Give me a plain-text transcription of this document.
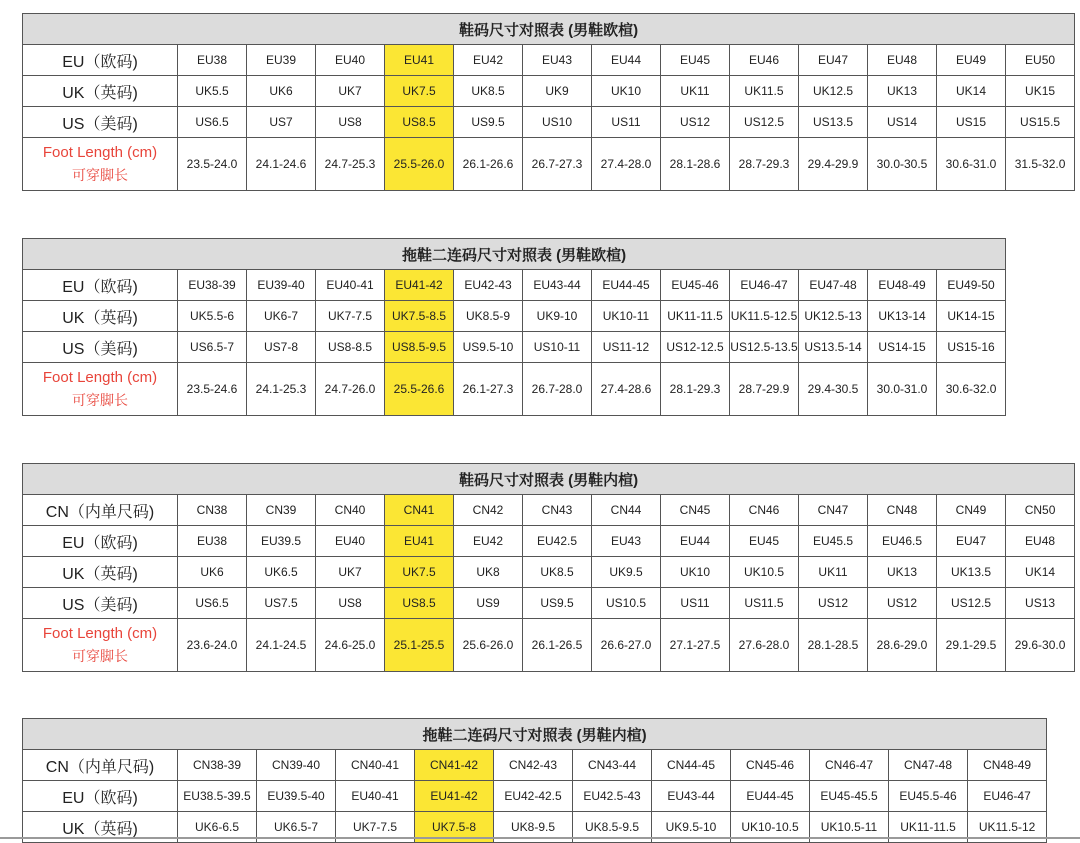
鞋码尺寸对照表 (男鞋欧楦)													
EU（欧码)	EU38	EU39	EU40	EU41	EU42	EU43	EU44	EU45	EU46	EU47	EU48	EU49	EU50
UK（英码)	UK5.5	UK6	UK7	UK7.5	UK8.5	UK9	UK10	UK11	UK11.5	UK12.5	UK13	UK14	UK15
US（美码)	US6.5	US7	US8	US8.5	US9.5	US10	US11	US12	US12.5	US13.5	US14	US15	US15.5

Foot Length (cm)
可穿脚长	23.5-24.0	24.1-24.6	24.7-25.3	25.5-26.0	26.1-26.6	26.7-27.3	27.4-28.0	28.1-28.6	28.7-29.3	29.4-29.9	30.0-30.5	30.6-31.0	31.5-32.0
拖鞋二连码尺寸对照表 (男鞋欧楦)												
EU（欧码)	EU38-39	EU39-40	EU40-41	EU41-42	EU42-43	EU43-44	EU44-45	EU45-46	EU46-47	EU47-48	EU48-49	EU49-50
UK（英码)	UK5.5-6	UK6-7	UK7-7.5	UK7.5-8.5	UK8.5-9	UK9-10	UK10-11	UK11-11.5	UK11.5-12.5	UK12.5-13	UK13-14	UK14-15
US（美码)	US6.5-7	US7-8	US8-8.5	US8.5-9.5	US9.5-10	US10-11	US11-12	US12-12.5	US12.5-13.5	US13.5-14	US14-15	US15-16

Foot Length (cm)
可穿脚长	23.5-24.6	24.1-25.3	24.7-26.0	25.5-26.6	26.1-27.3	26.7-28.0	27.4-28.6	28.1-29.3	28.7-29.9	29.4-30.5	30.0-31.0	30.6-32.0
鞋码尺寸对照表 (男鞋内楦)													
CN（内单尺码)	CN38	CN39	CN40	CN41	CN42	CN43	CN44	CN45	CN46	CN47	CN48	CN49	CN50
EU（欧码)	EU38	EU39.5	EU40	EU41	EU42	EU42.5	EU43	EU44	EU45	EU45.5	EU46.5	EU47	EU48
UK（英码)	UK6	UK6.5	UK7	UK7.5	UK8	UK8.5	UK9.5	UK10	UK10.5	UK11	UK13	UK13.5	UK14
US（美码)	US6.5	US7.5	US8	US8.5	US9	US9.5	US10.5	US11	US11.5	US12	US12	US12.5	US13

Foot Length (cm)
可穿脚长	23.6-24.0	24.1-24.5	24.6-25.0	25.1-25.5	25.6-26.0	26.1-26.5	26.6-27.0	27.1-27.5	27.6-28.0	28.1-28.5	28.6-29.0	29.1-29.5	29.6-30.0
拖鞋二连码尺寸对照表 (男鞋内楦)											
CN（内单尺码)	CN38-39	CN39-40	CN40-41	CN41-42	CN42-43	CN43-44	CN44-45	CN45-46	CN46-47	CN47-48	CN48-49
EU（欧码)	EU38.5-39.5	EU39.5-40	EU40-41	EU41-42	EU42-42.5	EU42.5-43	EU43-44	EU44-45	EU45-45.5	EU45.5-46	EU46-47
UK（英码)	UK6-6.5	UK6.5-7	UK7-7.5	UK7.5-8	UK8-9.5	UK8.5-9.5	UK9.5-10	UK10-10.5	UK10.5-11	UK11-11.5	UK11.5-12
